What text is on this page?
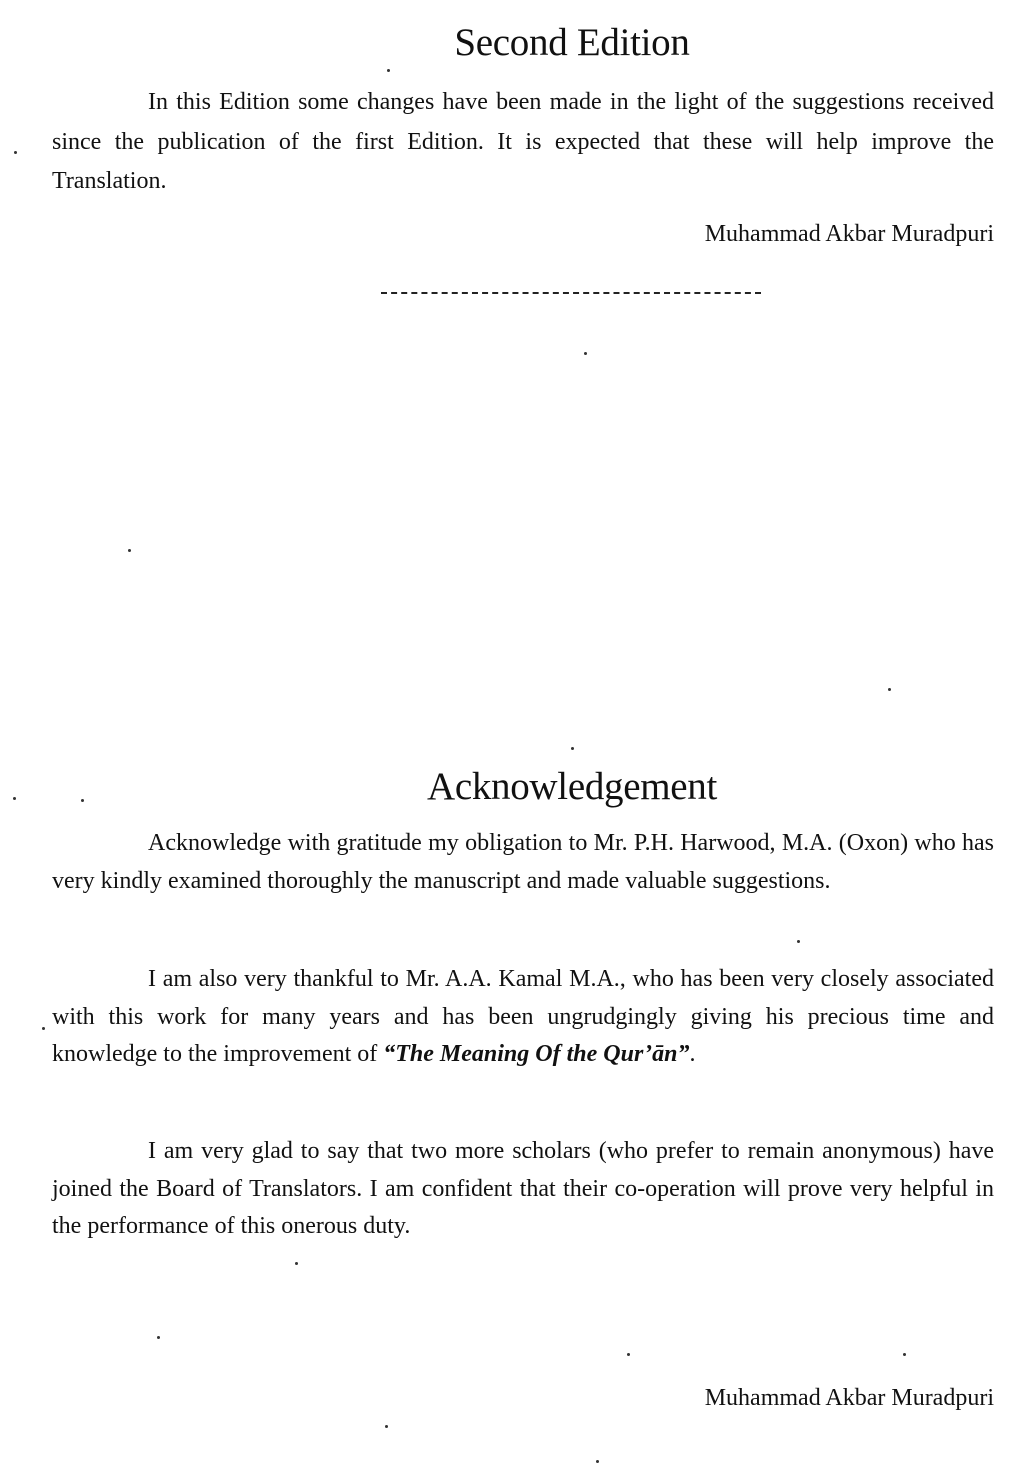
Second Edition

In this Edition some changes have been made in the light of the suggestions received since the publication of the first Edition. It is expected that these will help improve the Translation.

Muhammad Akbar Muradpuri

Acknowledgement

Acknowledge with gratitude my obligation to Mr. P.H. Harwood, M.A. (Oxon) who has very kindly examined thoroughly the manuscript and made valuable suggestions.

I am also very thankful to Mr. A.A. Kamal M.A., who has been very closely associated with this work for many years and has been ungrudgingly giving his precious time and knowledge to the improvement of “The Meaning Of the Qur’ān”.

I am very glad to say that two more scholars (who prefer to remain anonymous) have joined the Board of Translators. I am confident that their co-operation will prove very helpful in the performance of this onerous duty.

Muhammad Akbar Muradpuri
